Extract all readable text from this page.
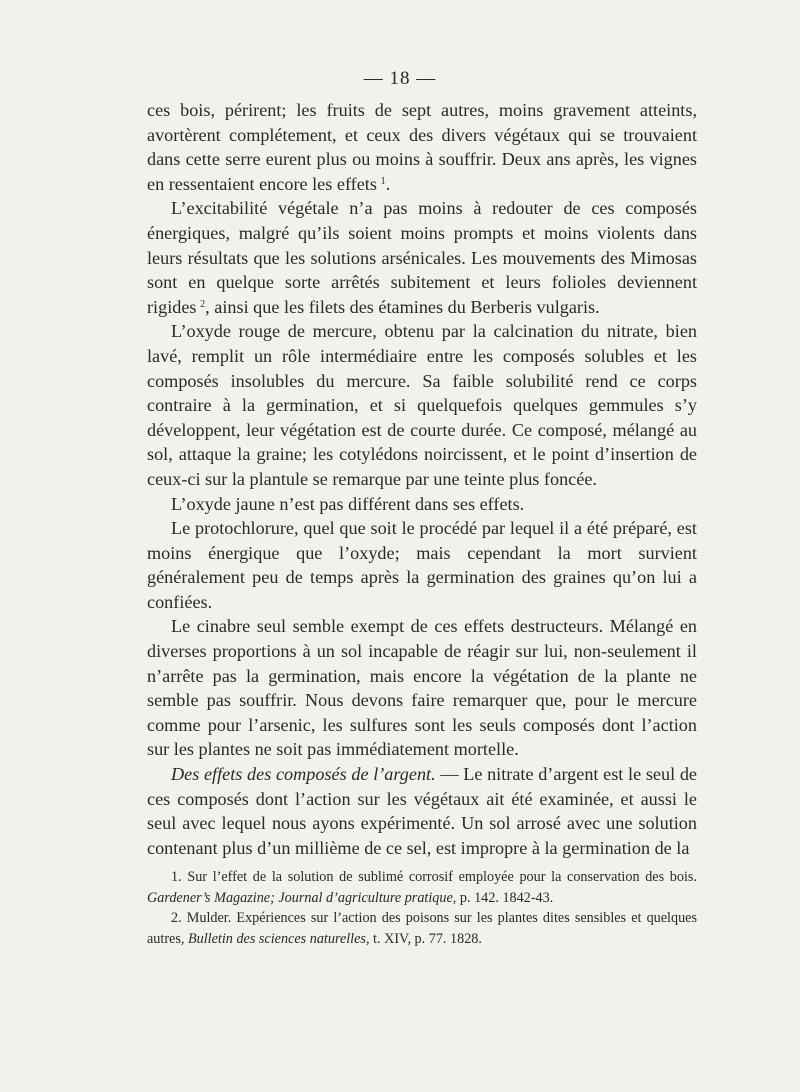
— 18 —

ces bois, périrent; les fruits de sept autres, moins gravement atteints, avortèrent complétement, et ceux des divers végétaux qui se trouvaient dans cette serre eurent plus ou moins à souffrir. Deux ans après, les vignes en ressentaient encore les effets  $^1$.

L’excitabilité végétale n’a pas moins à redouter de ces composés énergiques, malgré qu’ils soient moins prompts et moins violents dans leurs résultats que les solutions arsénicales. Les mouvements des Mimosas sont en quelque sorte arrêtés subitement et leurs folioles deviennent rigides  $^2$, ainsi que les filets des étamines du Berberis vulgaris.

L’oxyde rouge de mercure, obtenu par la calcination du nitrate, bien lavé, remplit un rôle intermédiaire entre les composés solubles et les composés insolubles du mercure. Sa faible solubilité rend ce corps contraire à la germination, et si quelquefois quelques gemmules s’y développent, leur végétation est de courte durée. Ce composé, mélangé au sol, attaque la graine; les cotylédons noircissent, et le point d’insertion de ceux-ci sur la plantule se remarque par une teinte plus foncée.

L’oxyde jaune n’est pas différent dans ses effets.

Le protochlorure, quel que soit le procédé par lequel il a été préparé, est moins énergique que l’oxyde; mais cependant la mort survient généralement peu de temps après la germination des graines qu’on lui a confiées.

Le cinabre seul semble exempt de ces effets destructeurs. Mélangé en diverses proportions à un sol incapable de réagir sur lui, non-seulement il n’arrête pas la germination, mais encore la végétation de la plante ne semble pas souffrir. Nous devons faire remarquer que, pour le mercure comme pour l’arsenic, les sulfures sont les seuls composés dont l’action sur les plantes ne soit pas immédiatement mortelle.

Des effets des composés de l’argent. — Le nitrate d’argent est le seul de ces composés dont l’action sur les végétaux ait été examinée, et aussi le seul avec lequel nous ayons expérimenté. Un sol arrosé avec une solution contenant plus d’un millième de ce sel, est impropre à la germination de la

1. Sur l’effet de la solution de sublimé corrosif employée pour la conservation des bois. Gardener’s Magazine; Journal d’agriculture pratique, p. 142. 1842-43.

2. Mulder. Expériences sur l’action des poisons sur les plantes dites sensibles et quelques autres, Bulletin des sciences naturelles, t. XIV, p. 77. 1828.
